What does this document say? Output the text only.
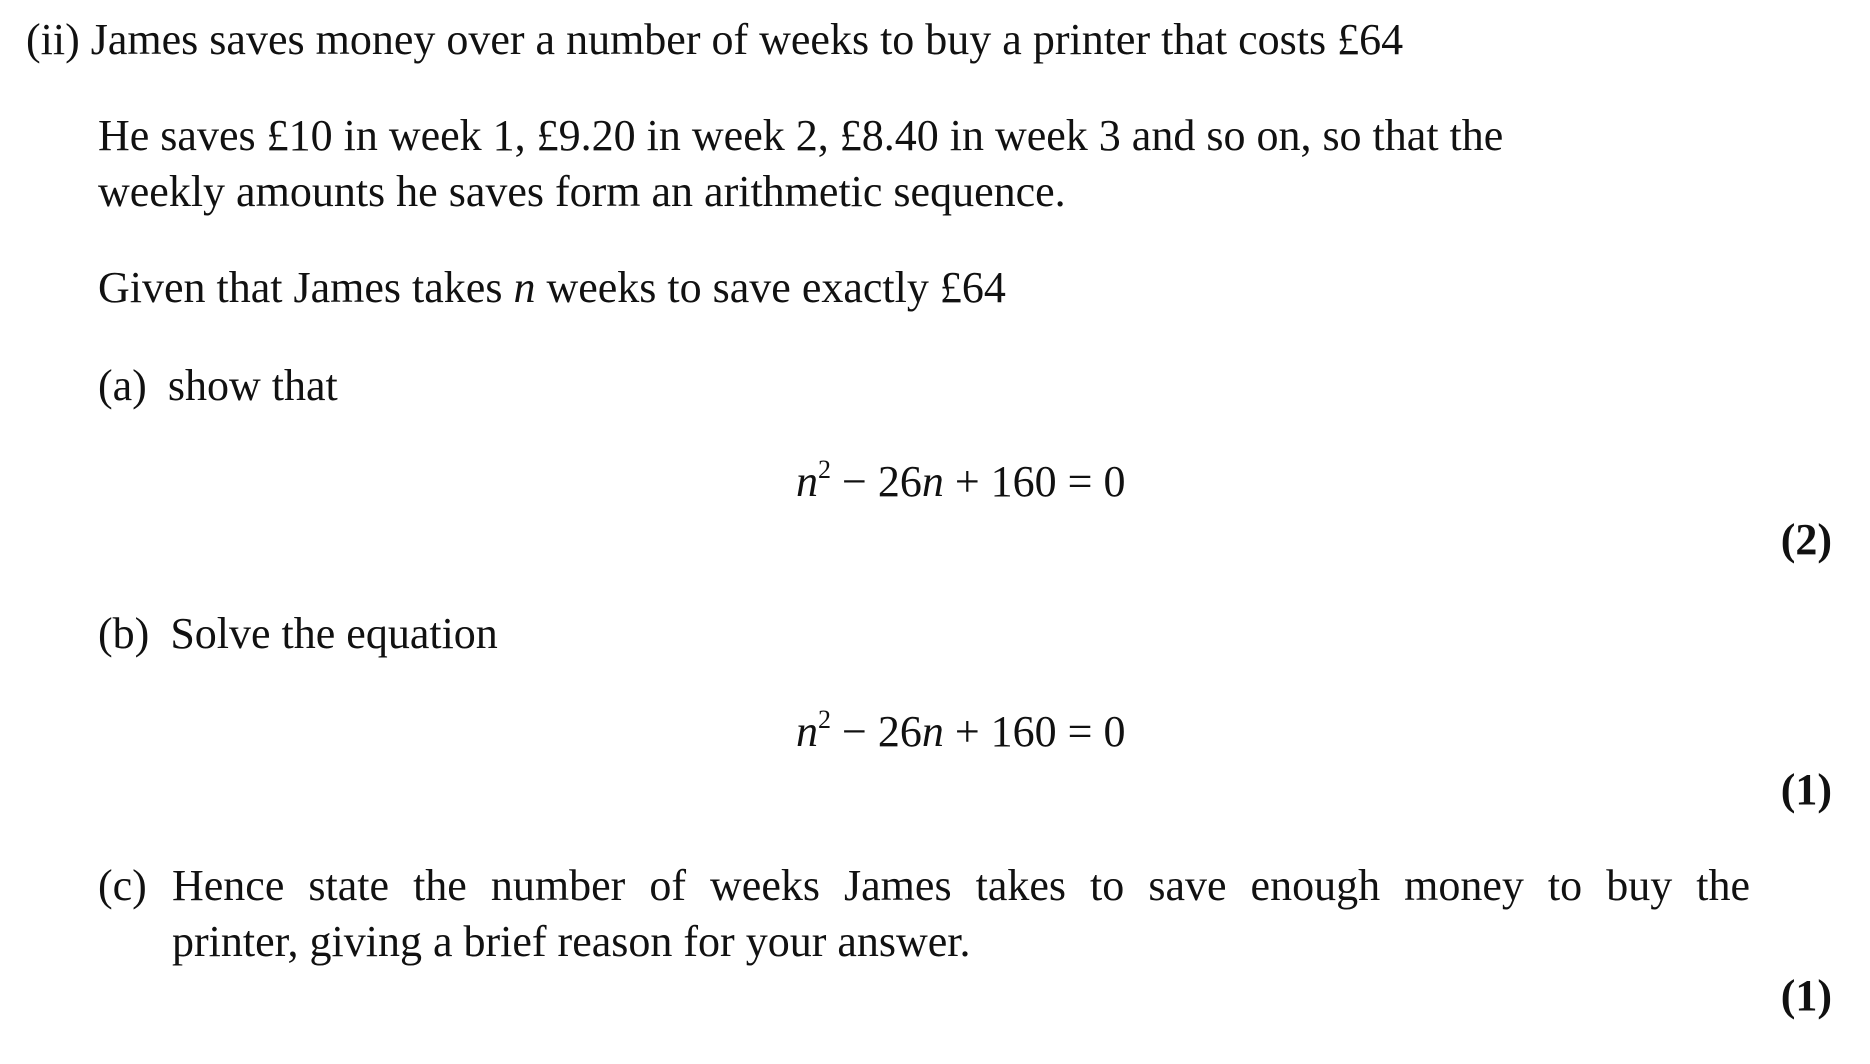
(ii) James saves money over a number of weeks to buy a printer that costs £64
He saves £10 in week 1, £9.20 in week 2, £8.40 in week 3 and so on, so that the
weekly amounts he saves form an arithmetic sequence.
Given that James takes n weeks to save exactly £64
(a) show that
$n^2 - 26n + 160 = 0$
(2)
(b) Solve the equation
$n^2 - 26n + 160 = 0$
(1)
(c) Hence state the number of weeks James takes to save enough money to buy the
printer, giving a brief reason for your answer.
(1)
